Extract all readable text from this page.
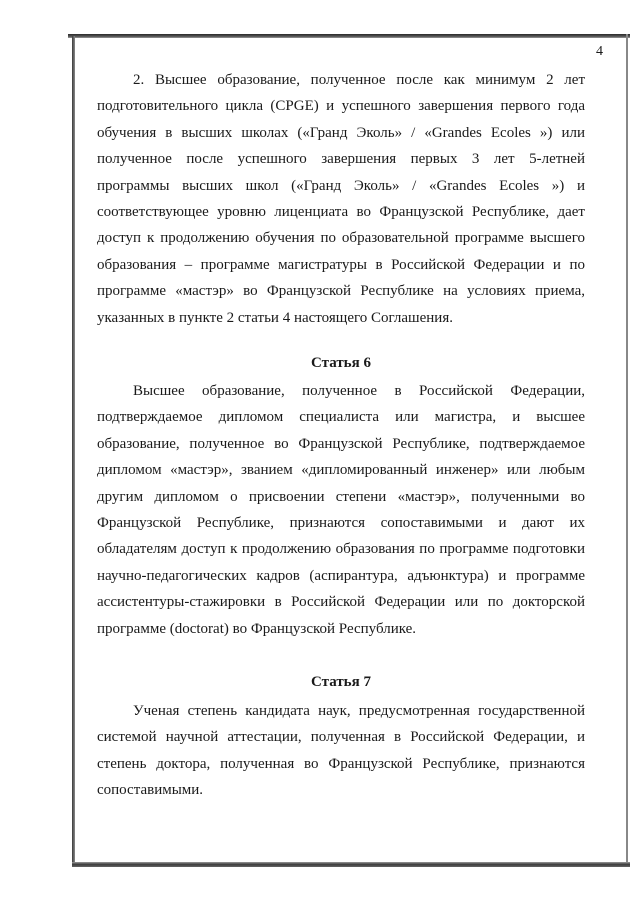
4

2. Высшее образование, полученное после как минимум 2 лет подготовительного цикла (CPGE) и успешного завершения первого года обучения в высших школах («Гранд Эколь» / «Grandes Ecoles ») или полученное после успешного завершения первых 3 лет 5-летней программы высших школ («Гранд Эколь» / «Grandes Ecoles ») и соответствующее уровню лиценциата во Французской Республике, дает доступ к продолжению обучения по образовательной программе высшего образования – программе магистратуры в Российской Федерации и по программе «мастэр» во Французской Республике на условиях приема, указанных в пункте 2 статьи 4 настоящего Соглашения.

Статья 6

Высшее образование, полученное в Российской Федерации, подтверждаемое дипломом специалиста или магистра, и высшее образование, полученное во Французской Республике, подтверждаемое дипломом «мастэр», званием «дипломированный инженер» или любым другим дипломом о присвоении степени «мастэр», полученными во Французской Республике, признаются сопоставимыми и дают их обладателям доступ к продолжению образования по программе подготовки научно-педагогических кадров (аспирантура, адъюнктура) и программе ассистентуры-стажировки в Российской Федерации или по докторской программе (doctorat) во Французской Республике.

Статья 7

Ученая степень кандидата наук, предусмотренная государственной системой научной аттестации, полученная в Российской Федерации, и степень доктора, полученная во Французской Республике, признаются сопоставимыми.
